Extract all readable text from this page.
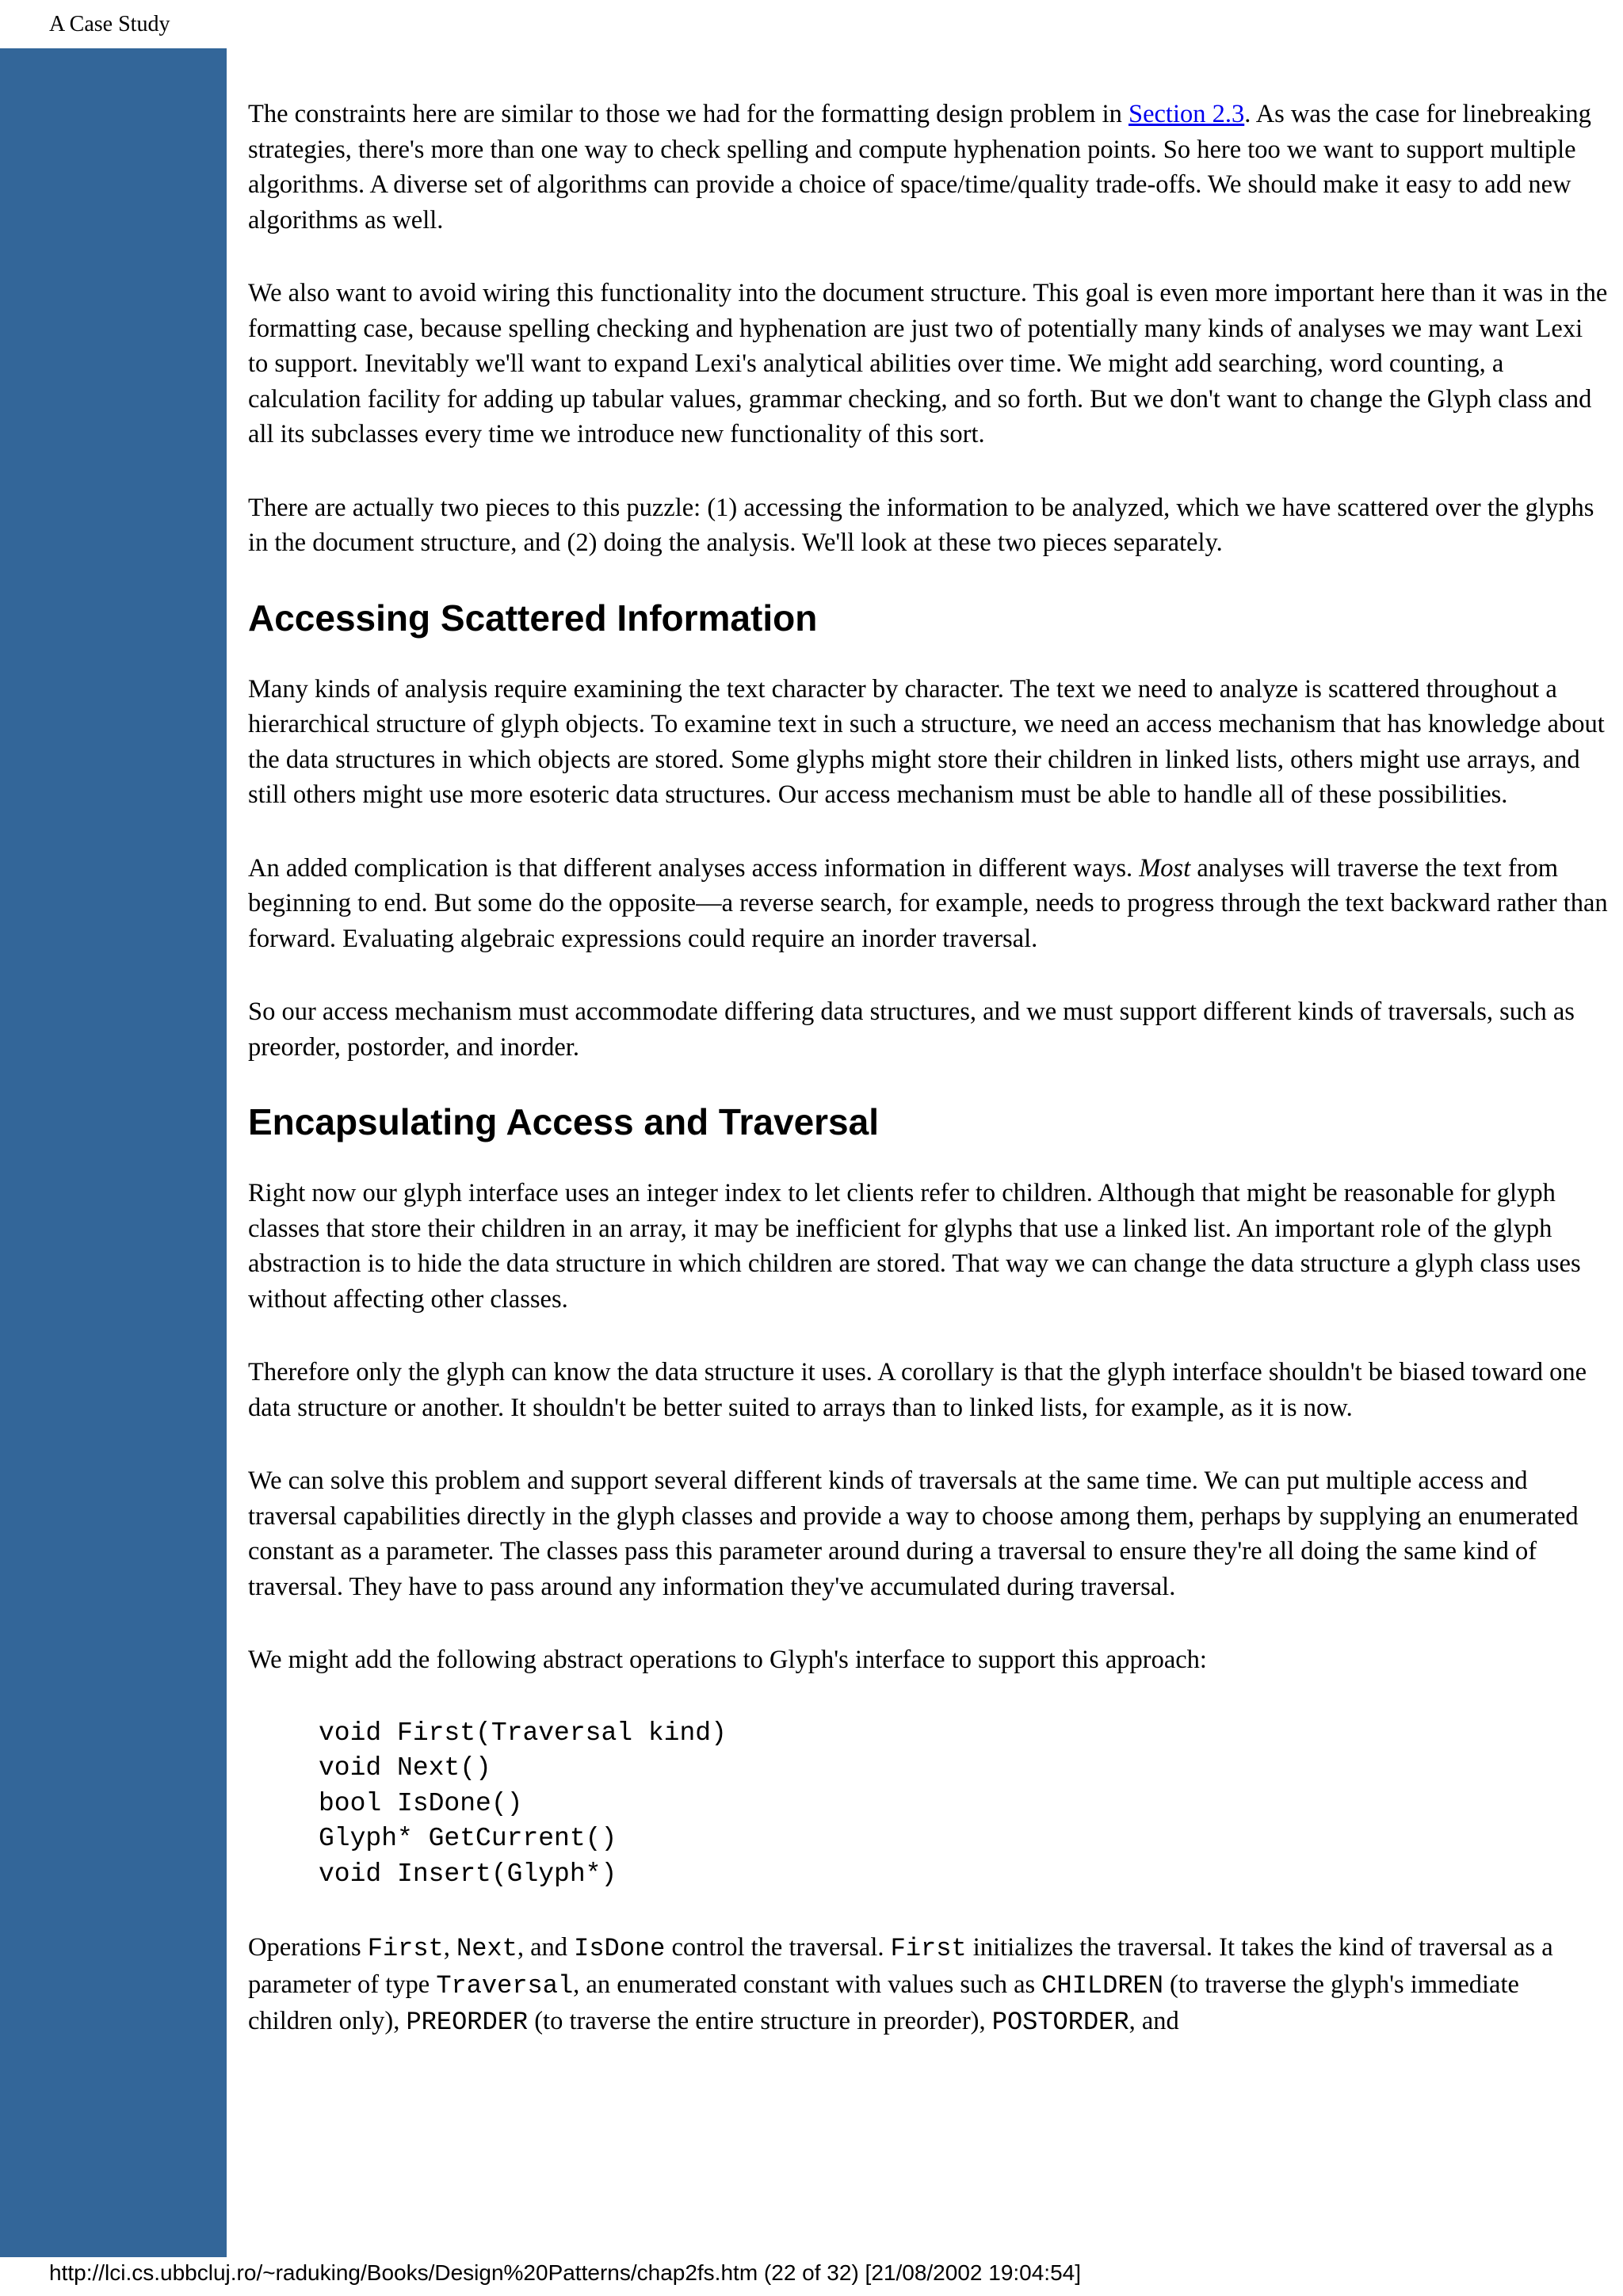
A Case Study

The constraints here are similar to those we had for the formatting design problem in Section 2.3. As was the case for linebreaking strategies, there's more than one way to check spelling and compute hyphenation points. So here too we want to support multiple algorithms. A diverse set of algorithms can provide a choice of space/time/quality trade-offs. We should make it easy to add new algorithms as well.

We also want to avoid wiring this functionality into the document structure. This goal is even more important here than it was in the formatting case, because spelling checking and hyphenation are just two of potentially many kinds of analyses we may want Lexi to support. Inevitably we'll want to expand Lexi's analytical abilities over time. We might add searching, word counting, a calculation facility for adding up tabular values, grammar checking, and so forth. But we don't want to change the Glyph class and all its subclasses every time we introduce new functionality of this sort.

There are actually two pieces to this puzzle: (1) accessing the information to be analyzed, which we have scattered over the glyphs in the document structure, and (2) doing the analysis. We'll look at these two pieces separately.

Accessing Scattered Information

Many kinds of analysis require examining the text character by character. The text we need to analyze is scattered throughout a hierarchical structure of glyph objects. To examine text in such a structure, we need an access mechanism that has knowledge about the data structures in which objects are stored. Some glyphs might store their children in linked lists, others might use arrays, and still others might use more esoteric data structures. Our access mechanism must be able to handle all of these possibilities.

An added complication is that different analyses access information in different ways. Most analyses will traverse the text from beginning to end. But some do the opposite—a reverse search, for example, needs to progress through the text backward rather than forward. Evaluating algebraic expressions could require an inorder traversal.

So our access mechanism must accommodate differing data structures, and we must support different kinds of traversals, such as preorder, postorder, and inorder.

Encapsulating Access and Traversal

Right now our glyph interface uses an integer index to let clients refer to children. Although that might be reasonable for glyph classes that store their children in an array, it may be inefficient for glyphs that use a linked list. An important role of the glyph abstraction is to hide the data structure in which children are stored. That way we can change the data structure a glyph class uses without affecting other classes.

Therefore only the glyph can know the data structure it uses. A corollary is that the glyph interface shouldn't be biased toward one data structure or another. It shouldn't be better suited to arrays than to linked lists, for example, as it is now.

We can solve this problem and support several different kinds of traversals at the same time. We can put multiple access and traversal capabilities directly in the glyph classes and provide a way to choose among them, perhaps by supplying an enumerated constant as a parameter. The classes pass this parameter around during a traversal to ensure they're all doing the same kind of traversal. They have to pass around any information they've accumulated during traversal.

We might add the following abstract operations to Glyph's interface to support this approach:

void First(Traversal kind)
void Next()
bool IsDone()
Glyph* GetCurrent()
void Insert(Glyph*)

Operations First, Next, and IsDone control the traversal. First initializes the traversal. It takes the kind of traversal as a parameter of type Traversal, an enumerated constant with values such as CHILDREN (to traverse the glyph's immediate children only), PREORDER (to traverse the entire structure in preorder), POSTORDER, and

http://lci.cs.ubbcluj.ro/~raduking/Books/Design%20Patterns/chap2fs.htm (22 of 32) [21/08/2002 19:04:54]
